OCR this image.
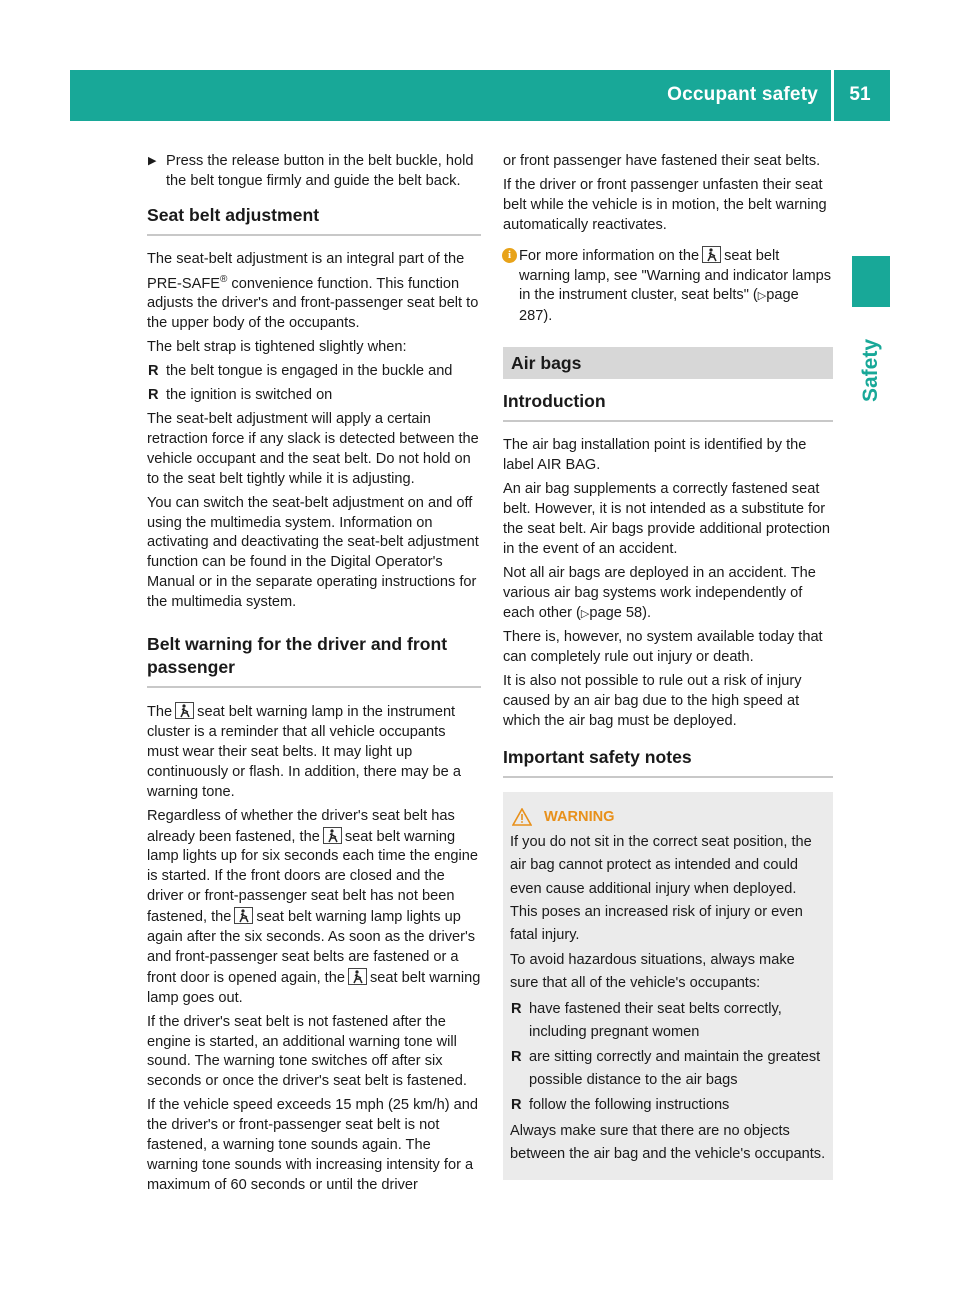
Occupant safety	51
Safety
▶ Press the release button in the belt buckle, hold the belt tongue firmly and guide the belt back.
Seat belt adjustment

The seat-belt adjustment is an integral part of the PRE-SAFE® convenience function. This function adjusts the driver's and front-passenger seat belt to the upper body of the occupants.

The belt strap is tightened slightly when:

R the belt tongue is engaged in the buckle and
R the ignition is switched on

The seat-belt adjustment will apply a certain retraction force if any slack is detected between the vehicle occupant and the seat belt. Do not hold on to the seat belt tightly while it is adjusting.

You can switch the seat-belt adjustment on and off using the multimedia system. Information on activating and deactivating the seat-belt adjustment function can be found in the Digital Operator's Manual or in the separate operating instructions for the multimedia system.

Belt warning for the driver and front passenger

The seat belt warning lamp in the instrument cluster is a reminder that all vehicle occupants must wear their seat belts. It may light up continuously or flash. In addition, there may be a warning tone.

Regardless of whether the driver's seat belt has already been fastened, the seat belt warning lamp lights up for six seconds each time the engine is started. If the front doors are closed and the driver or front-passenger seat belt has not been fastened, the seat belt warning lamp lights up again after the six seconds. As soon as the driver's and front-passenger seat belts are fastened or a front door is opened again, the seat belt warning lamp goes out.

If the driver's seat belt is not fastened after the engine is started, an additional warning tone will sound. The warning tone switches off after six seconds or once the driver's seat belt is fastened.

If the vehicle speed exceeds 15 mph (25 km/h) and the driver's or front-passenger seat belt is not fastened, a warning tone sounds again. The warning tone sounds with increasing intensity for a maximum of 60 seconds or until the driver

or front passenger have fastened their seat belts.

If the driver or front passenger unfasten their seat belt while the vehicle is in motion, the belt warning automatically reactivates.

i For more information on the seat belt warning lamp, see "Warning and indicator lamps in the instrument cluster, seat belts" (▷page 287).
Air bags
Introduction

The air bag installation point is identified by the label AIR BAG.

An air bag supplements a correctly fastened seat belt. However, it is not intended as a substitute for the seat belt. Air bags provide additional protection in the event of an accident.

Not all air bags are deployed in an accident. The various air bag systems work independently of each other (▷page 58).

There is, however, no system available today that can completely rule out injury or death.

It is also not possible to rule out a risk of injury caused by an air bag due to the high speed at which the air bag must be deployed.

Important safety notes
WARNING

If you do not sit in the correct seat position, the air bag cannot protect as intended and could even cause additional injury when deployed. This poses an increased risk of injury or even fatal injury.

To avoid hazardous situations, always make sure that all of the vehicle's occupants:

R have fastened their seat belts correctly, including pregnant women
R are sitting correctly and maintain the greatest possible distance to the air bags
R follow the following instructions

Always make sure that there are no objects between the air bag and the vehicle's occupants.
